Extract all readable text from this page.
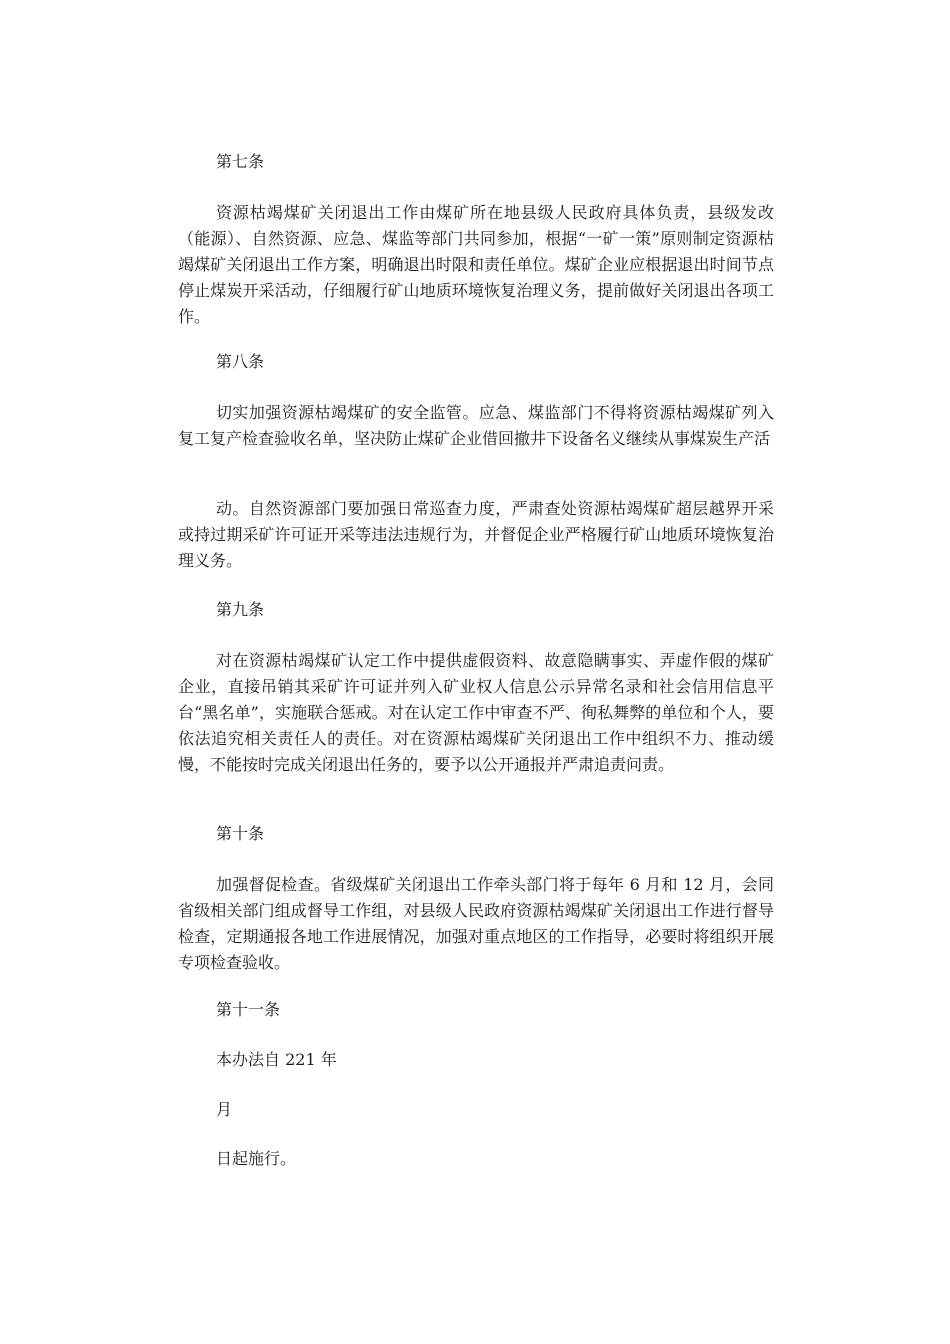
第七条

资源枯竭煤矿关闭退出工作由煤矿所在地县级人民政府具体负责，县级发改（能源）、自然资源、应急、煤监等部门共同参加，根据“一矿一策”原则制定资源枯竭煤矿关闭退出工作方案，明确退出时限和责任单位。煤矿企业应根据退出时间节点停止煤炭开采活动，仔细履行矿山地质环境恢复治理义务，提前做好关闭退出各项工作。

第八条

切实加强资源枯竭煤矿的安全监管。应急、煤监部门不得将资源枯竭煤矿列入复工复产检查验收名单，坚决防止煤矿企业借回撤井下设备名义继续从事煤炭生产活

动。自然资源部门要加强日常巡查力度，严肃查处资源枯竭煤矿超层越界开采或持过期采矿许可证开采等违法违规行为，并督促企业严格履行矿山地质环境恢复治理义务。

第九条

对在资源枯竭煤矿认定工作中提供虚假资料、故意隐瞒事实、弄虚作假的煤矿企业，直接吊销其采矿许可证并列入矿业权人信息公示异常名录和社会信用信息平台“黑名单”，实施联合惩戒。对在认定工作中审查不严、徇私舞弊的单位和个人，要依法追究相关责任人的责任。对在资源枯竭煤矿关闭退出工作中组织不力、推动缓慢，不能按时完成关闭退出任务的，要予以公开通报并严肃追责问责。

第十条

加强督促检查。省级煤矿关闭退出工作牵头部门将于每年 6 月和 12 月，会同省级相关部门组成督导工作组，对县级人民政府资源枯竭煤矿关闭退出工作进行督导检查，定期通报各地工作进展情况，加强对重点地区的工作指导，必要时将组织开展专项检查验收。

第十一条

本办法自 221 年

月

日起施行。
